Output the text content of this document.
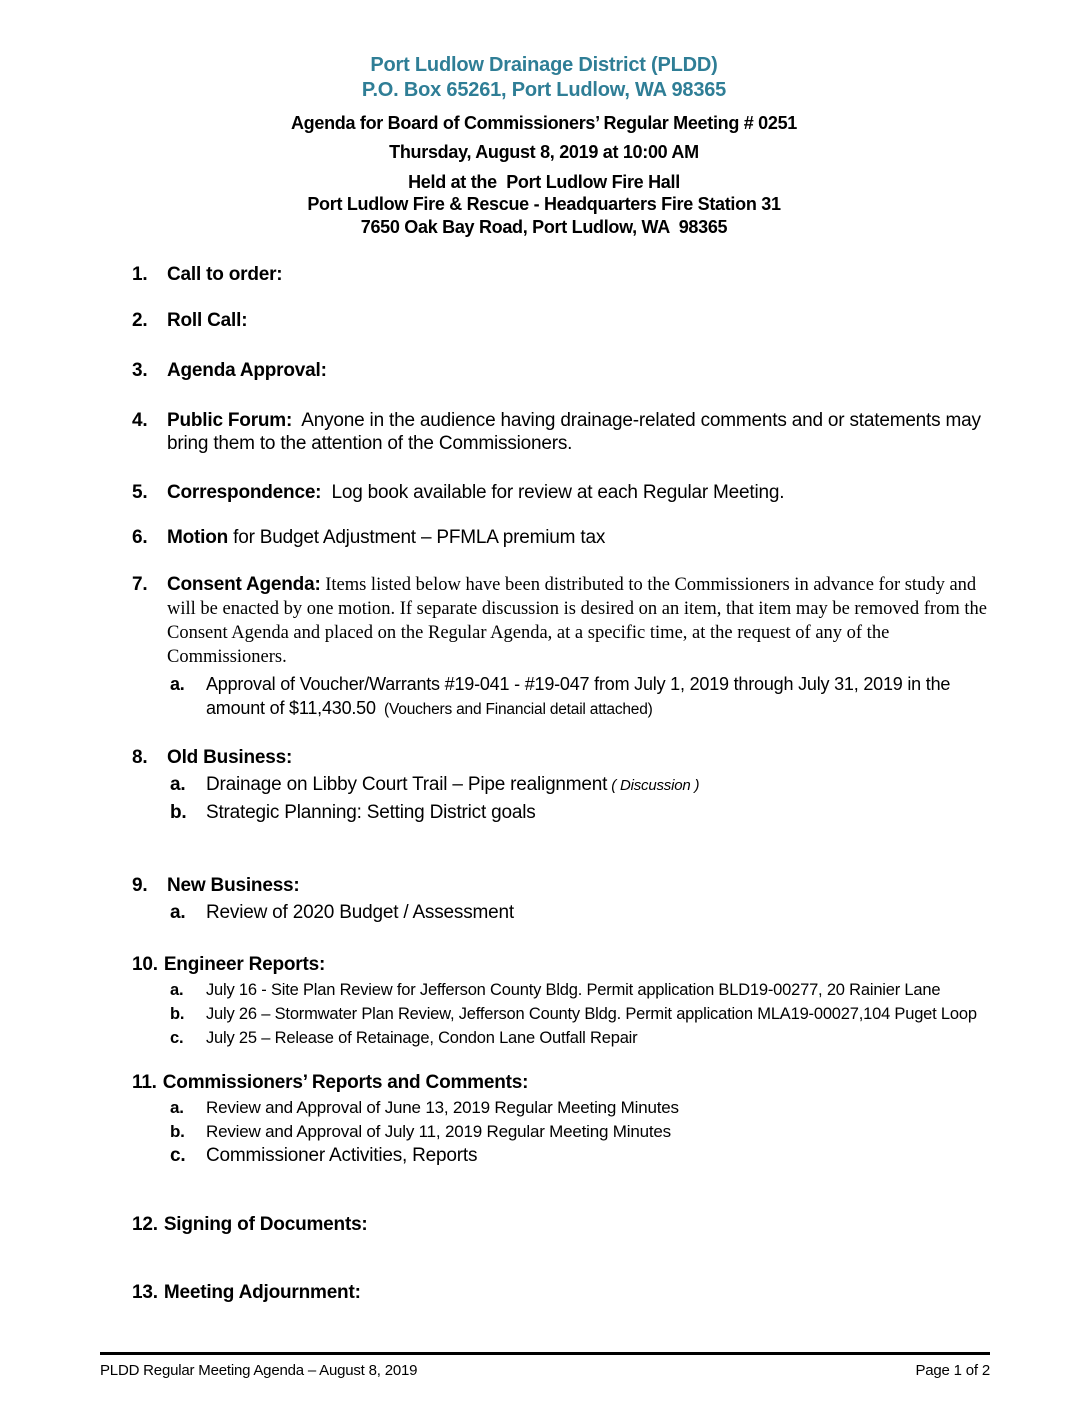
Port Ludlow Drainage District (PLDD)
P.O. Box 65261, Port Ludlow, WA 98365
Agenda for Board of Commissioners’ Regular Meeting # 0251
Thursday, August 8, 2019 at 10:00 AM
Held at the  Port Ludlow Fire Hall
Port Ludlow Fire & Rescue - Headquarters Fire Station 31
7650 Oak Bay Road, Port Ludlow, WA  98365
1. Call to order:
2. Roll Call:
3. Agenda Approval:
4. Public Forum:  Anyone in the audience having drainage-related comments and or statements may bring them to the attention of the Commissioners.
5. Correspondence:  Log book available for review at each Regular Meeting.
6. Motion for Budget Adjustment – PFMLA premium tax
7. Consent Agenda: Items listed below have been distributed to the Commissioners in advance for study and will be enacted by one motion. If separate discussion is desired on an item, that item may be removed from the Consent Agenda and placed on the Regular Agenda, at a specific time, at the request of any of the Commissioners.
a. Approval of Voucher/Warrants #19-041 - #19-047 from July 1, 2019 through July 31, 2019 in the amount of $11,430.50  (Vouchers and Financial detail attached)
8. Old Business:
a. Drainage on Libby Court Trail – Pipe realignment ( Discussion )
b. Strategic Planning: Setting District goals
9. New Business:
a. Review of 2020 Budget / Assessment
10. Engineer Reports:
a. July 16 - Site Plan Review for Jefferson County Bldg. Permit application BLD19-00277, 20 Rainier Lane
b. July 26 – Stormwater Plan Review, Jefferson County Bldg. Permit application MLA19-00027,104 Puget Loop
c. July 25 – Release of Retainage, Condon Lane Outfall Repair
11. Commissioners’ Reports and Comments:
a. Review and Approval of June 13, 2019 Regular Meeting Minutes
b. Review and Approval of July 11, 2019 Regular Meeting Minutes
c. Commissioner Activities, Reports
12. Signing of Documents:
13. Meeting Adjournment:
PLDD Regular Meeting Agenda – August 8, 2019	Page 1 of 2
